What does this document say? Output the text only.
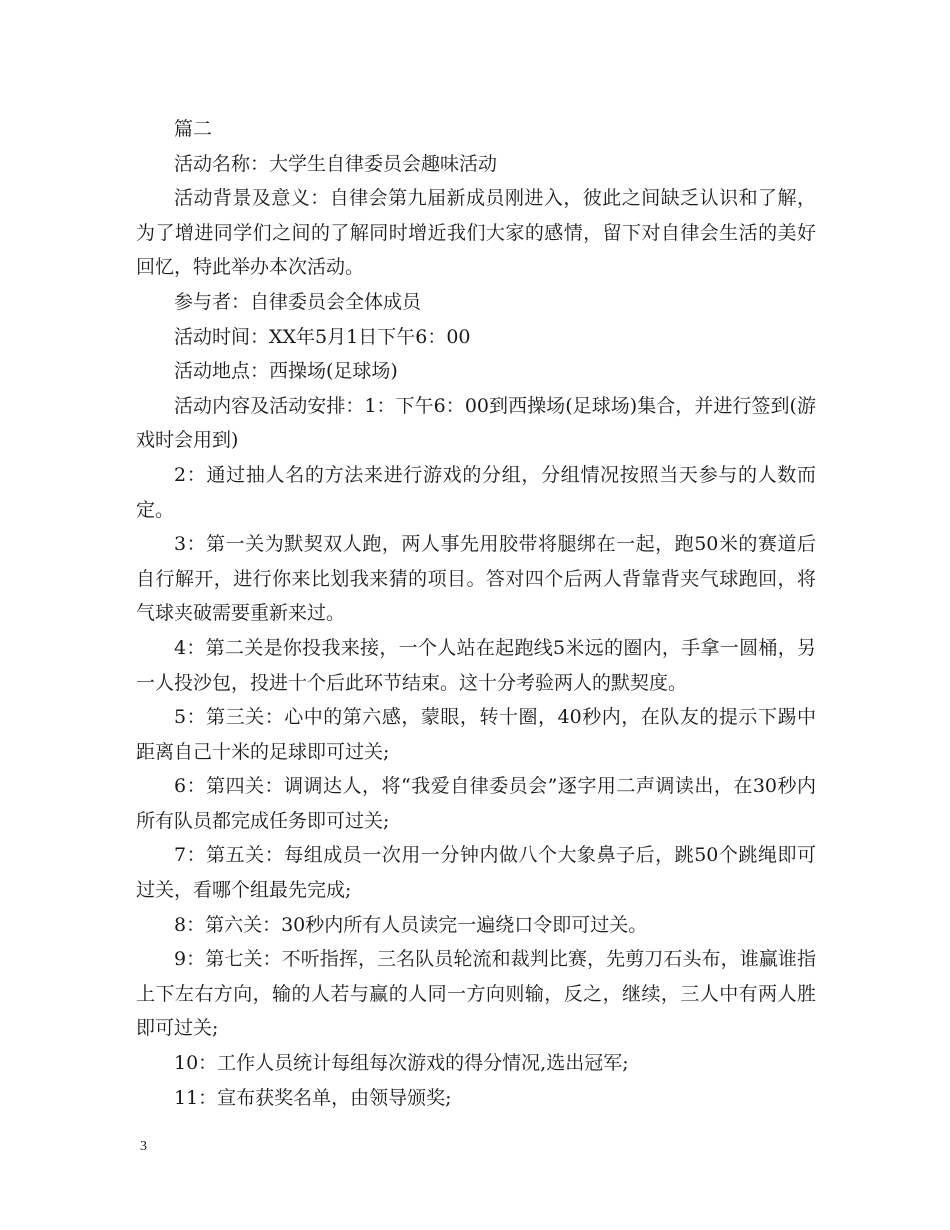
篇二

活动名称：大学生自律委员会趣味活动

活动背景及意义：自律会第九届新成员刚进入，彼此之间缺乏认识和了解，为了增进同学们之间的了解同时增近我们大家的感情，留下对自律会生活的美好回忆，特此举办本次活动。

参与者：自律委员会全体成员

活动时间：XX年5月1日下午6：00

活动地点：西操场(足球场)

活动内容及活动安排：1：下午6：00到西操场(足球场)集合，并进行签到(游戏时会用到)

2：通过抽人名的方法来进行游戏的分组，分组情况按照当天参与的人数而定。

3：第一关为默契双人跑，两人事先用胶带将腿绑在一起，跑50米的赛道后自行解开，进行你来比划我来猜的项目。答对四个后两人背靠背夹气球跑回，将气球夹破需要重新来过。

4：第二关是你投我来接，一个人站在起跑线5米远的圈内，手拿一圆桶，另一人投沙包，投进十个后此环节结束。这十分考验两人的默契度。

5：第三关：心中的第六感，蒙眼，转十圈，40秒内，在队友的提示下踢中距离自己十米的足球即可过关;

6：第四关：调调达人，将“我爱自律委员会”逐字用二声调读出，在30秒内所有队员都完成任务即可过关;

7：第五关：每组成员一次用一分钟内做八个大象鼻子后，跳50个跳绳即可过关，看哪个组最先完成;

8：第六关：30秒内所有人员读完一遍绕口令即可过关。

9：第七关：不听指挥，三名队员轮流和裁判比赛，先剪刀石头布，谁赢谁指上下左右方向，输的人若与赢的人同一方向则输，反之，继续，三人中有两人胜即可过关;

10：工作人员统计每组每次游戏的得分情况,选出冠军;

11：宣布获奖名单，由领导颁奖;

3
